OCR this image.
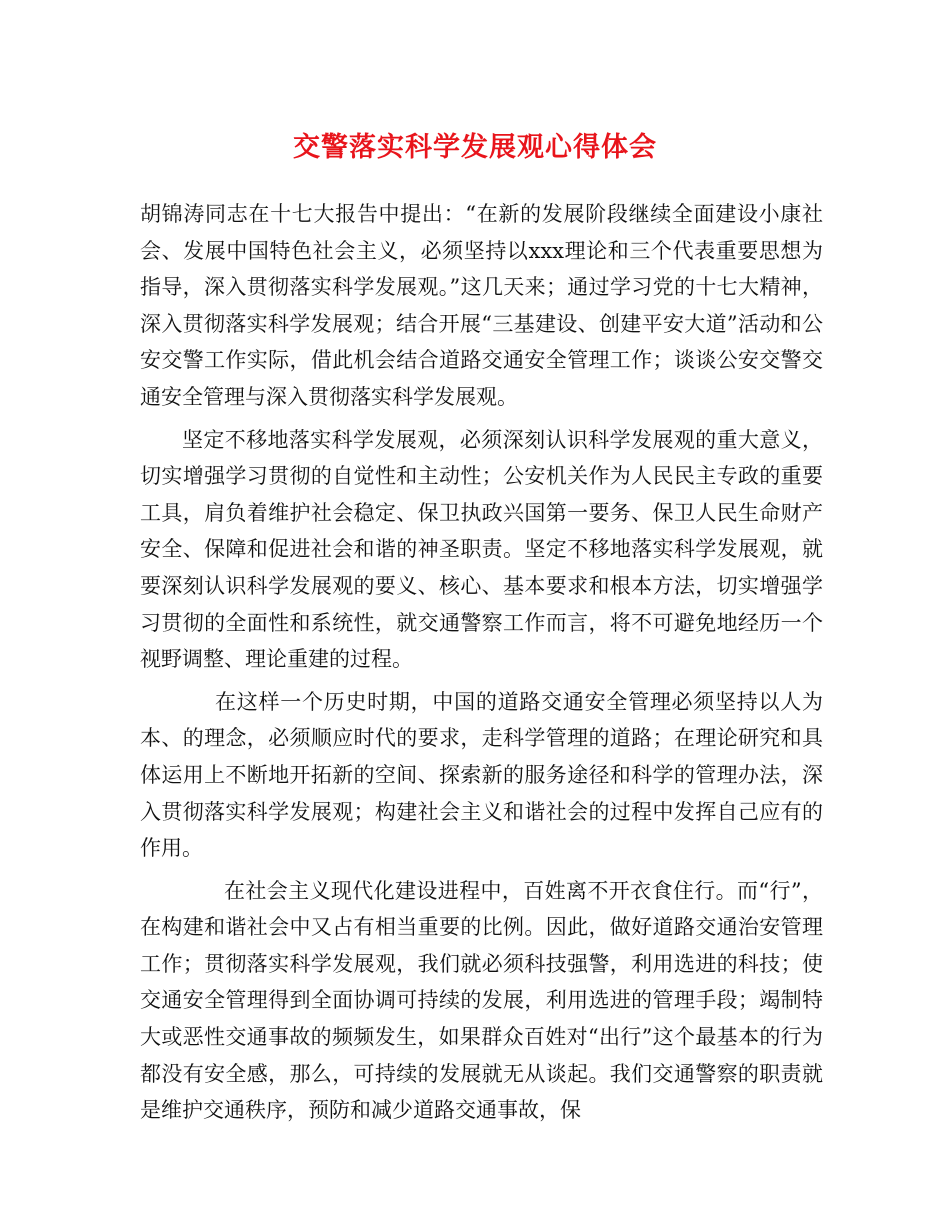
交警落实科学发展观心得体会

胡锦涛同志在十七大报告中提出：“在新的发展阶段继续全面建设小康社会、发展中国特色社会主义，必须坚持以xxx理论和三个代表重要思想为指导，深入贯彻落实科学发展观。”这几天来；通过学习党的十七大精神，深入贯彻落实科学发展观；结合开展“三基建设、创建平安大道”活动和公安交警工作实际，借此机会结合道路交通安全管理工作；谈谈公安交警交通安全管理与深入贯彻落实科学发展观。

坚定不移地落实科学发展观，必须深刻认识科学发展观的重大意义，切实增强学习贯彻的自觉性和主动性；公安机关作为人民民主专政的重要工具，肩负着维护社会稳定、保卫执政兴国第一要务、保卫人民生命财产安全、保障和促进社会和谐的神圣职责。坚定不移地落实科学发展观，就要深刻认识科学发展观的要义、核心、基本要求和根本方法，切实增强学习贯彻的全面性和系统性，就交通警察工作而言，将不可避免地经历一个视野调整、理论重建的过程。

在这样一个历史时期，中国的道路交通安全管理必须坚持以人为本、的理念，必须顺应时代的要求，走科学管理的道路；在理论研究和具体运用上不断地开拓新的空间、探索新的服务途径和科学的管理办法，深入贯彻落实科学发展观；构建社会主义和谐社会的过程中发挥自己应有的作用。

在社会主义现代化建设进程中，百姓离不开衣食住行。而“行”，在构建和谐社会中又占有相当重要的比例。因此，做好道路交通治安管理工作；贯彻落实科学发展观，我们就必须科技强警，利用选进的科技；使交通安全管理得到全面协调可持续的发展，利用选进的管理手段；竭制特大或恶性交通事故的频频发生，如果群众百姓对“出行”这个最基本的行为都没有安全感，那么，可持续的发展就无从谈起。我们交通警察的职责就是维护交通秩序，预防和减少道路交通事故，保
